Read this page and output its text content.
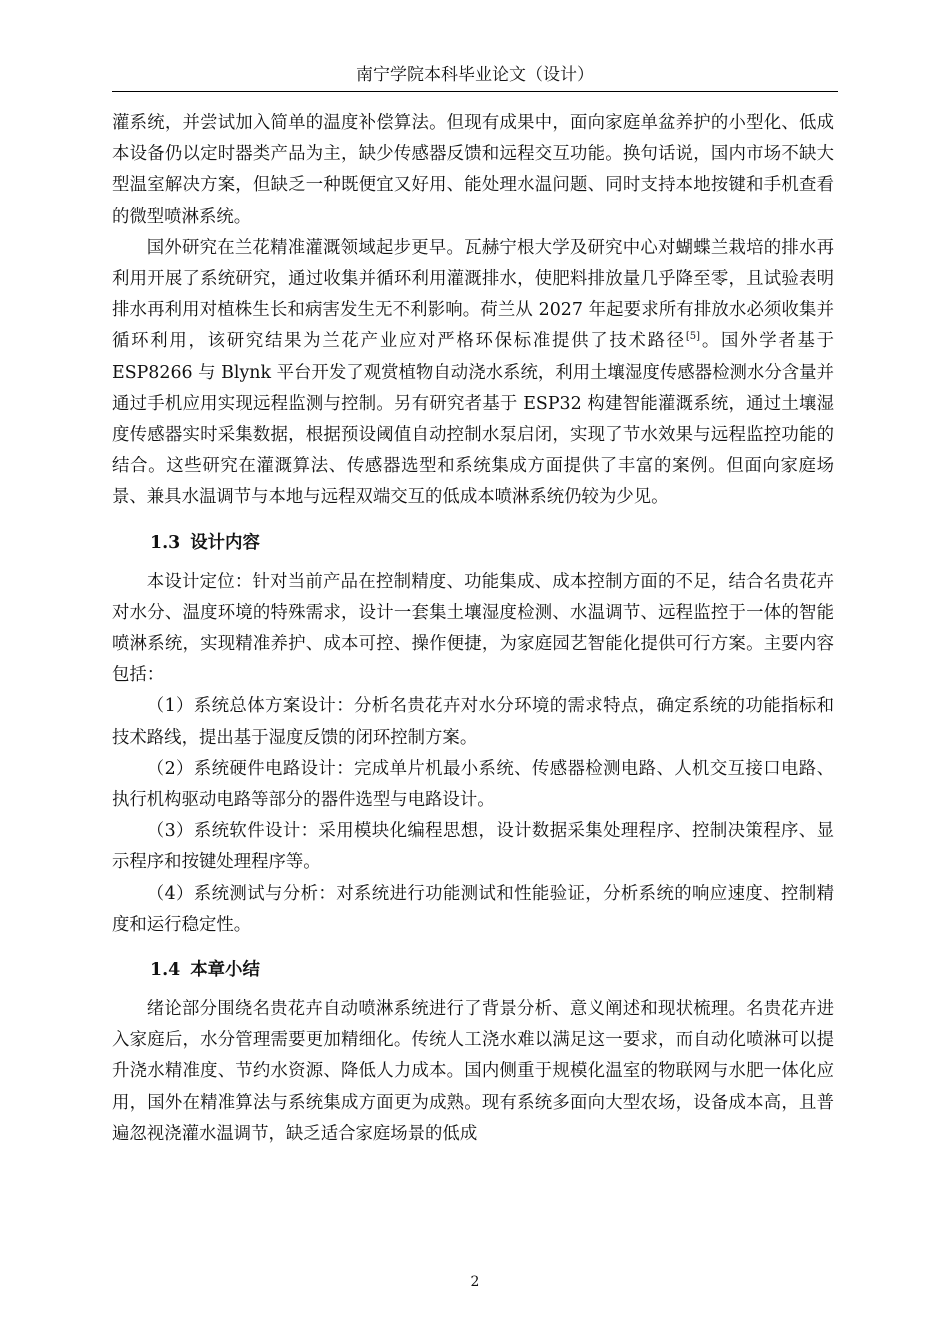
南宁学院本科毕业论文（设计）

灌系统，并尝试加入简单的温度补偿算法。但现有成果中，面向家庭单盆养护的小型化、低成本设备仍以定时器类产品为主，缺少传感器反馈和远程交互功能。换句话说，国内市场不缺大型温室解决方案，但缺乏一种既便宜又好用、能处理水温问题、同时支持本地按键和手机查看的微型喷淋系统。

国外研究在兰花精准灌溉领域起步更早。瓦赫宁根大学及研究中心对蝴蝶兰栽培的排水再利用开展了系统研究，通过收集并循环利用灌溉排水，使肥料排放量几乎降至零，且试验表明排水再利用对植株生长和病害发生无不利影响。荷兰从 2027 年起要求所有排放水必须收集并循环利用，该研究结果为兰花产业应对严格环保标准提供了技术路径[5]。国外学者基于 ESP8266 与 Blynk 平台开发了观赏植物自动浇水系统，利用土壤湿度传感器检测水分含量并通过手机应用实现远程监测与控制。另有研究者基于 ESP32 构建智能灌溉系统，通过土壤湿度传感器实时采集数据，根据预设阈值自动控制水泵启闭，实现了节水效果与远程监控功能的结合。这些研究在灌溉算法、传感器选型和系统集成方面提供了丰富的案例。但面向家庭场景、兼具水温调节与本地与远程双端交互的低成本喷淋系统仍较为少见。

1.3 设计内容

本设计定位：针对当前产品在控制精度、功能集成、成本控制方面的不足，结合名贵花卉对水分、温度环境的特殊需求，设计一套集土壤湿度检测、水温调节、远程监控于一体的智能喷淋系统，实现精准养护、成本可控、操作便捷，为家庭园艺智能化提供可行方案。主要内容包括：

（1）系统总体方案设计：分析名贵花卉对水分环境的需求特点，确定系统的功能指标和技术路线，提出基于湿度反馈的闭环控制方案。

（2）系统硬件电路设计：完成单片机最小系统、传感器检测电路、人机交互接口电路、执行机构驱动电路等部分的器件选型与电路设计。

（3）系统软件设计：采用模块化编程思想，设计数据采集处理程序、控制决策程序、显示程序和按键处理程序等。

（4）系统测试与分析：对系统进行功能测试和性能验证，分析系统的响应速度、控制精度和运行稳定性。

1.4 本章小结

绪论部分围绕名贵花卉自动喷淋系统进行了背景分析、意义阐述和现状梳理。名贵花卉进入家庭后，水分管理需要更加精细化。传统人工浇水难以满足这一要求，而自动化喷淋可以提升浇水精准度、节约水资源、降低人力成本。国内侧重于规模化温室的物联网与水肥一体化应用，国外在精准算法与系统集成方面更为成熟。现有系统多面向大型农场，设备成本高，且普遍忽视浇灌水温调节，缺乏适合家庭场景的低成

2
